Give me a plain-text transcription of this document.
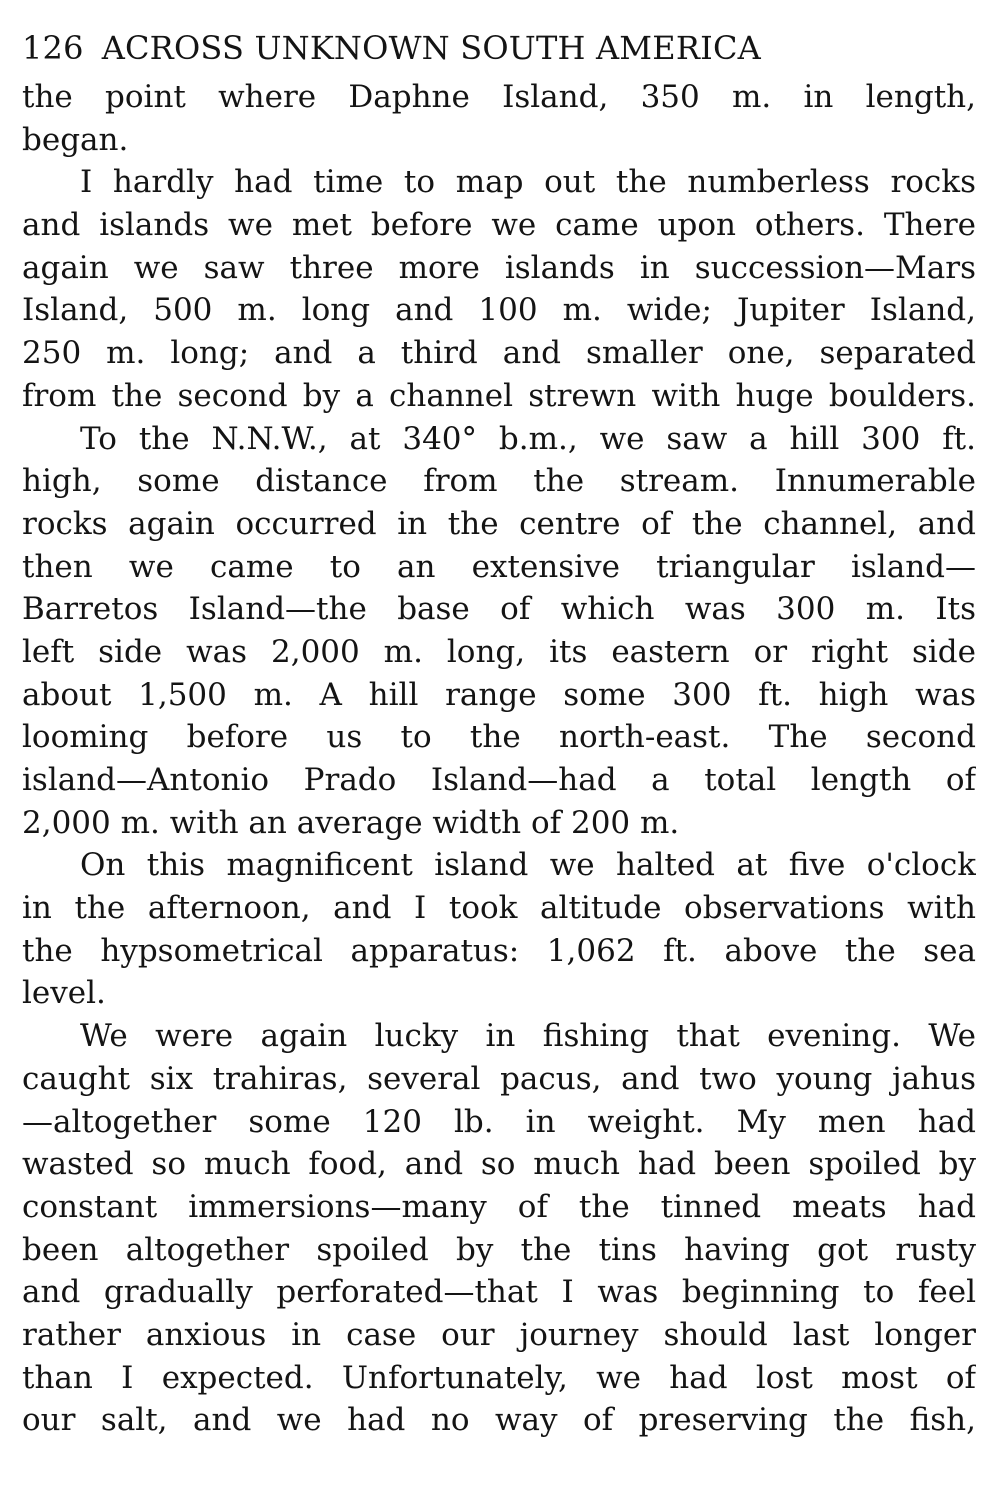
126 ACROSS UNKNOWN SOUTH AMERICA
the point where Daphne Island, 350 m. in length,
began.
I hardly had time to map out the numberless rocks
and islands we met before we came upon others. There
again we saw three more islands in succession—Mars
Island, 500 m. long and 100 m. wide; Jupiter Island,
250 m. long; and a third and smaller one, separated
from the second by a channel strewn with huge boulders.
To the N.N.W., at 340° b.m., we saw a hill 300 ft.
high, some distance from the stream. Innumerable
rocks again occurred in the centre of the channel, and
then we came to an extensive triangular island—
Barretos Island—the base of which was 300 m. Its
left side was 2,000 m. long, its eastern or right side
about 1,500 m. A hill range some 300 ft. high was
looming before us to the north-east. The second
island—Antonio Prado Island—had a total length of
2,000 m. with an average width of 200 m.
On this magnificent island we halted at five o'clock
in the afternoon, and I took altitude observations with
the hypsometrical apparatus: 1,062 ft. above the sea
level.
We were again lucky in fishing that evening. We
caught six trahiras, several pacus, and two young jahus
—altogether some 120 lb. in weight. My men had
wasted so much food, and so much had been spoiled by
constant immersions—many of the tinned meats had
been altogether spoiled by the tins having got rusty
and gradually perforated—that I was beginning to feel
rather anxious in case our journey should last longer
than I expected. Unfortunately, we had lost most of
our salt, and we had no way of preserving the fish,
